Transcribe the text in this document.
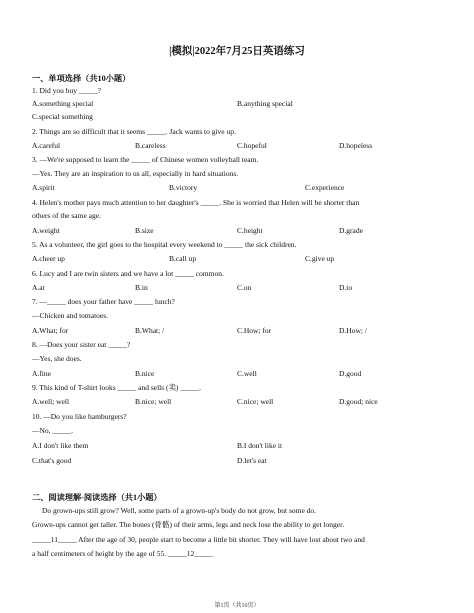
|模拟|2022年7月25日英语练习
一、单项选择（共10小题）
1. Did you buy _____?
A.something special	B.anything special
C.special something
2. Things are so difficult that it seems _____. Jack wants to give up.
A.careful	B.careless	C.hopeful	D.hopeless
3. —We're supposed to learn the _____ of Chinese women volleyball team.
—Yes. They are an inspiration to us all, especially in hard situations.
A.spirit	B.victory	C.experience
4. Helen's mother pays much attention to her daughter's _____. She is worried that Helen will be shorter than
others of the same age.
A.weight	B.size	C.height	D.grade
5. As a volunteer, the girl goes to the hospital every weekend to _____ the sick children.
A.cheer up	B.call up	C.give up
6. Lucy and I are twin sisters and we have a lot _____ common.
A.at	B.in	C.on	D.to
7. —_____ does your father have _____ lunch?
—Chicken and tomatoes.
A.What; for	B.What; /	C.How; for	D.How; /
8. —Does your sister eat _____?
—Yes, she does.
A.fine	B.nice	C.well	D.good
9. This kind of T-shirt looks _____ and sells (卖) _____.
A.well; well	B.nice; well	C.nice; well	D.good; nice
10. —Do you like hamburgers?
—No, _____.
A.I don't like them	B.I don't like it
C.that's good	D.let's eat
二、阅读理解-阅读选择（共1小题）
Do grown-ups still grow? Well, some parts of a grown-up's body do not grow, but some do.
Grown-ups cannot get taller. The bones (骨骼) of their arms, legs and neck lose the ability to get longer.
_____11_____ After the age of 30, people start to become a little bit shorter. They will have lost about two and
a half centimeters of height by the age of 55. _____12_____
第1页（共10页）
